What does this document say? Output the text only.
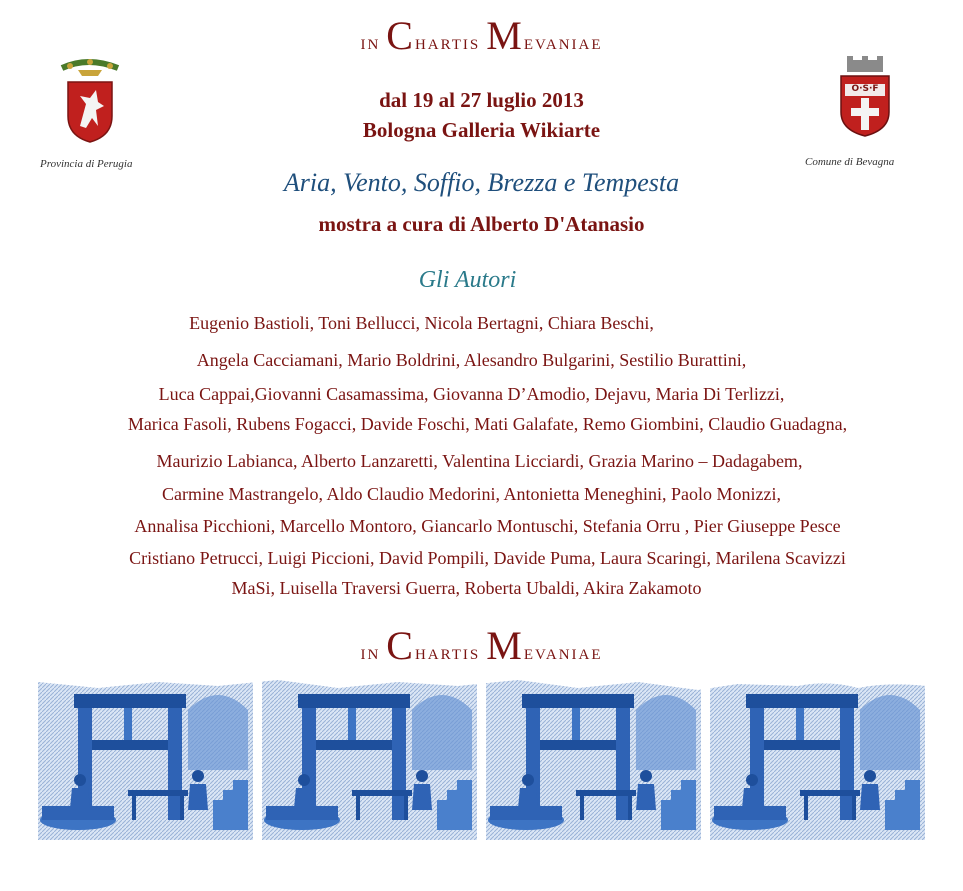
in Chartis Mevaniae
Provincia di Perugia
O·S·F
Comune di Bevagna
dal 19 al 27 luglio 2013
Bologna Galleria Wikiarte
Aria, Vento, Soffio, Brezza e Tempesta
mostra a cura di Alberto D'Atanasio
Gli Autori
Eugenio Bastioli, Toni Bellucci, Nicola Bertagni, Chiara Beschi,
Angela Cacciamani, Mario Boldrini, Alesandro Bulgarini, Sestilio Burattini,
Luca Cappai,Giovanni Casamassima, Giovanna D’Amodio, Dejavu, Maria Di Terlizzi,
Marica Fasoli, Rubens Fogacci, Davide Foschi, Mati Galafate, Remo Giombini, Claudio Guadagna,
Maurizio Labianca, Alberto Lanzaretti, Valentina Licciardi, Grazia Marino – Dadagabem,
Carmine Mastrangelo, Aldo Claudio Medorini, Antonietta Meneghini, Paolo Monizzi,
Annalisa Picchioni, Marcello Montoro, Giancarlo Montuschi, Stefania Orru , Pier Giuseppe Pesce
Cristiano Petrucci, Luigi Piccioni, David Pompili, Davide Puma, Laura Scaringi, Marilena Scavizzi
MaSi, Luisella Traversi Guerra, Roberta Ubaldi, Akira Zakamoto
in Chartis Mevaniae
